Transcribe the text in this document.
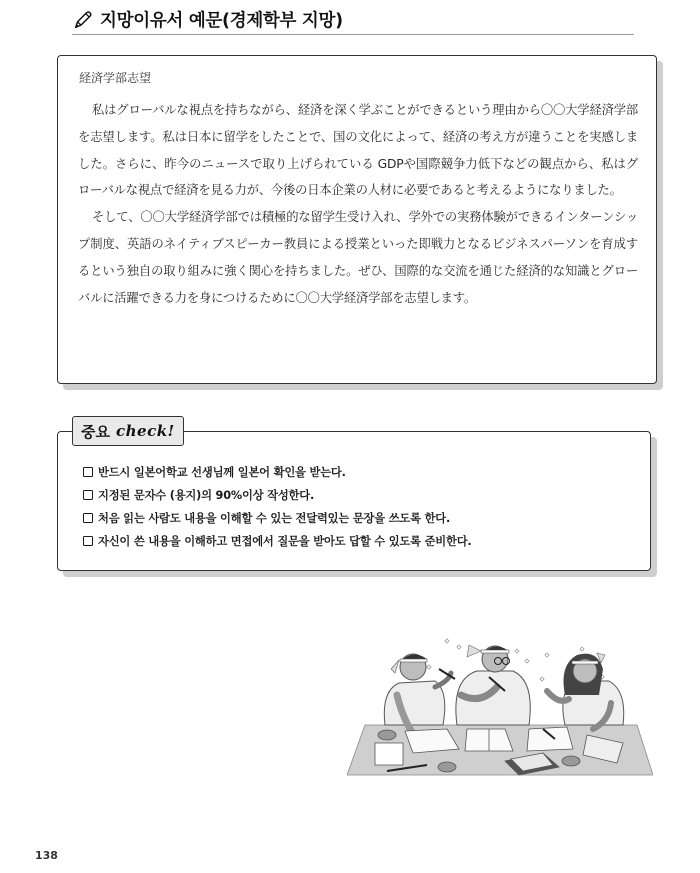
지망이유서 예문(경제학부 지망)
経済学部志望

私はグローバルな視点を持ちながら、経済を深く学ぶことができるという理由から〇〇大学経済学部を志望します。私は日本に留学をしたことで、国の文化によって、経済の考え方が違うことを実感しました。さらに、昨今のニュースで取り上げられている GDPや国際競争力低下などの観点から、私はグローバルな視点で経済を見る力が、今後の日本企業の人材に必要であると考えるようになりました。

そして、〇〇大学経済学部では積極的な留学生受け入れ、学外での実務体験ができるインターンシップ制度、英語のネイティブスピーカー教員による授業といった即戦力となるビジネスパーソンを育成するという独自の取り組みに強く関心を持ちました。ぜひ、国際的な交流を通じた経済的な知識とグローバルに活躍できる力を身につけるために〇〇大学経済学部を志望します。

중요 check!
반드시 일본어학교 선생님께 일본어 확인을 받는다.
지정된 문자수 (용지)의 90%이상 작성한다.
처음 읽는 사람도 내용을 이해할 수 있는 전달력있는 문장을 쓰도록 한다.
자신이 쓴 내용을 이해하고 면접에서 질문을 받아도 답할 수 있도록 준비한다.
138
